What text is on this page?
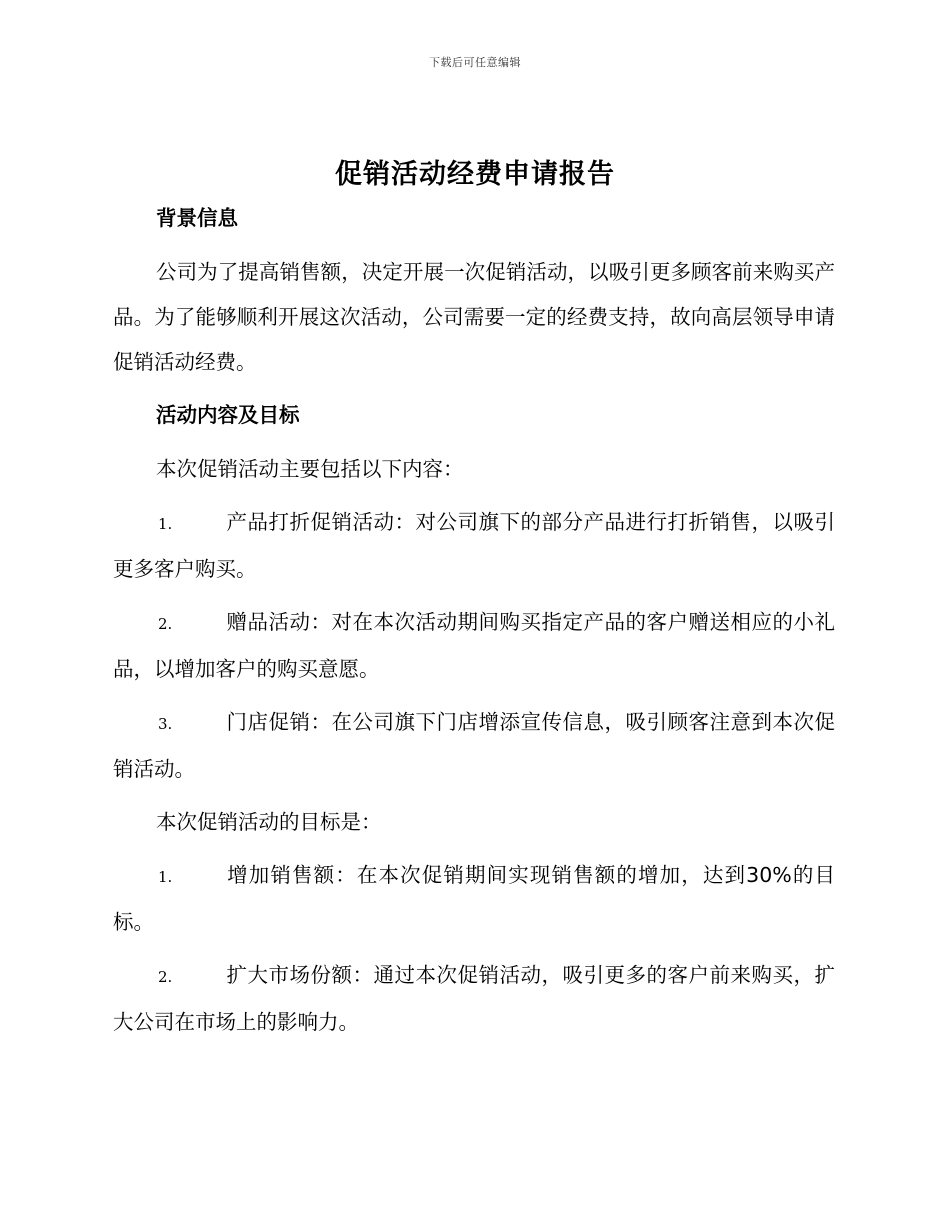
下载后可任意编辑
促销活动经费申请报告

背景信息

公司为了提高销售额，决定开展一次促销活动，以吸引更多顾客前来购买产品。为了能够顺利开展这次活动，公司需要一定的经费支持，故向高层领导申请促销活动经费。

活动内容及目标

本次促销活动主要包括以下内容：

1.	产品打折促销活动：对公司旗下的部分产品进行打折销售，以吸引更多客户购买。

2.	赠品活动：对在本次活动期间购买指定产品的客户赠送相应的小礼品，以增加客户的购买意愿。

3.	门店促销：在公司旗下门店增添宣传信息，吸引顾客注意到本次促销活动。

本次促销活动的目标是：

1.	增加销售额：在本次促销期间实现销售额的增加，达到30%的目标。

2.	扩大市场份额：通过本次促销活动，吸引更多的客户前来购买，扩大公司在市场上的影响力。
